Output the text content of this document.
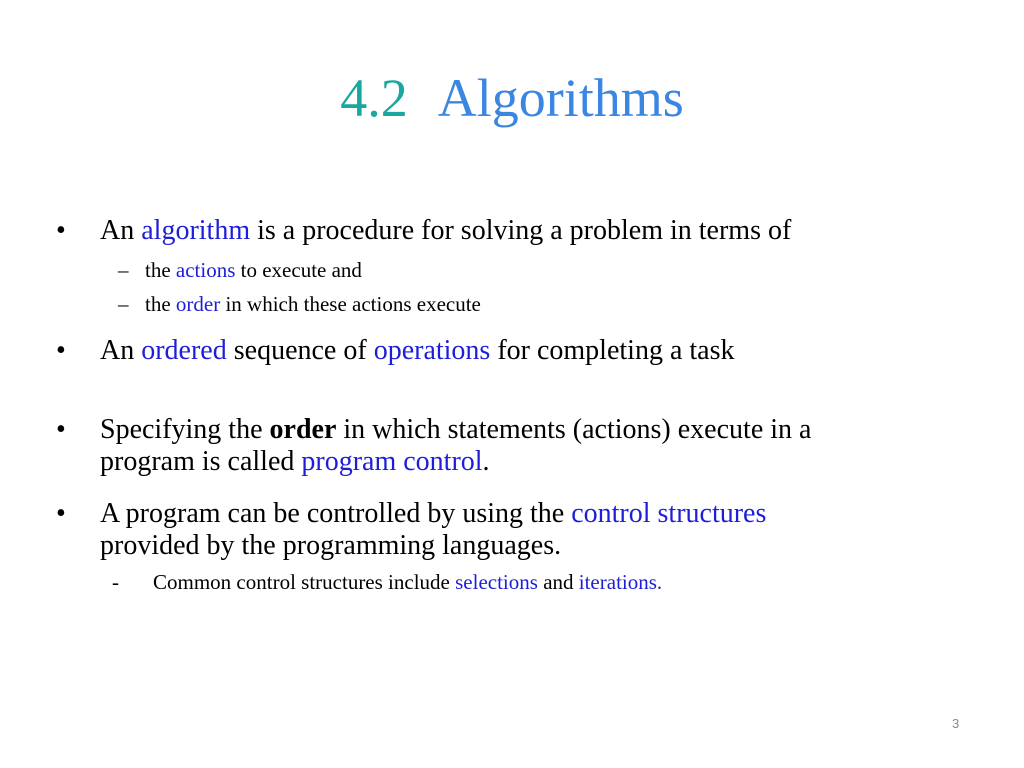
4.2 Algorithms
• An algorithm is a procedure for solving a problem in terms of
– the actions to execute and
– the order in which these actions execute
• An ordered sequence of operations for completing a task
• Specifying the order in which statements (actions) execute in a
program is called program control.
• A program can be controlled by using the control structures
provided by the programming languages.
- Common control structures include selections and iterations.
3
